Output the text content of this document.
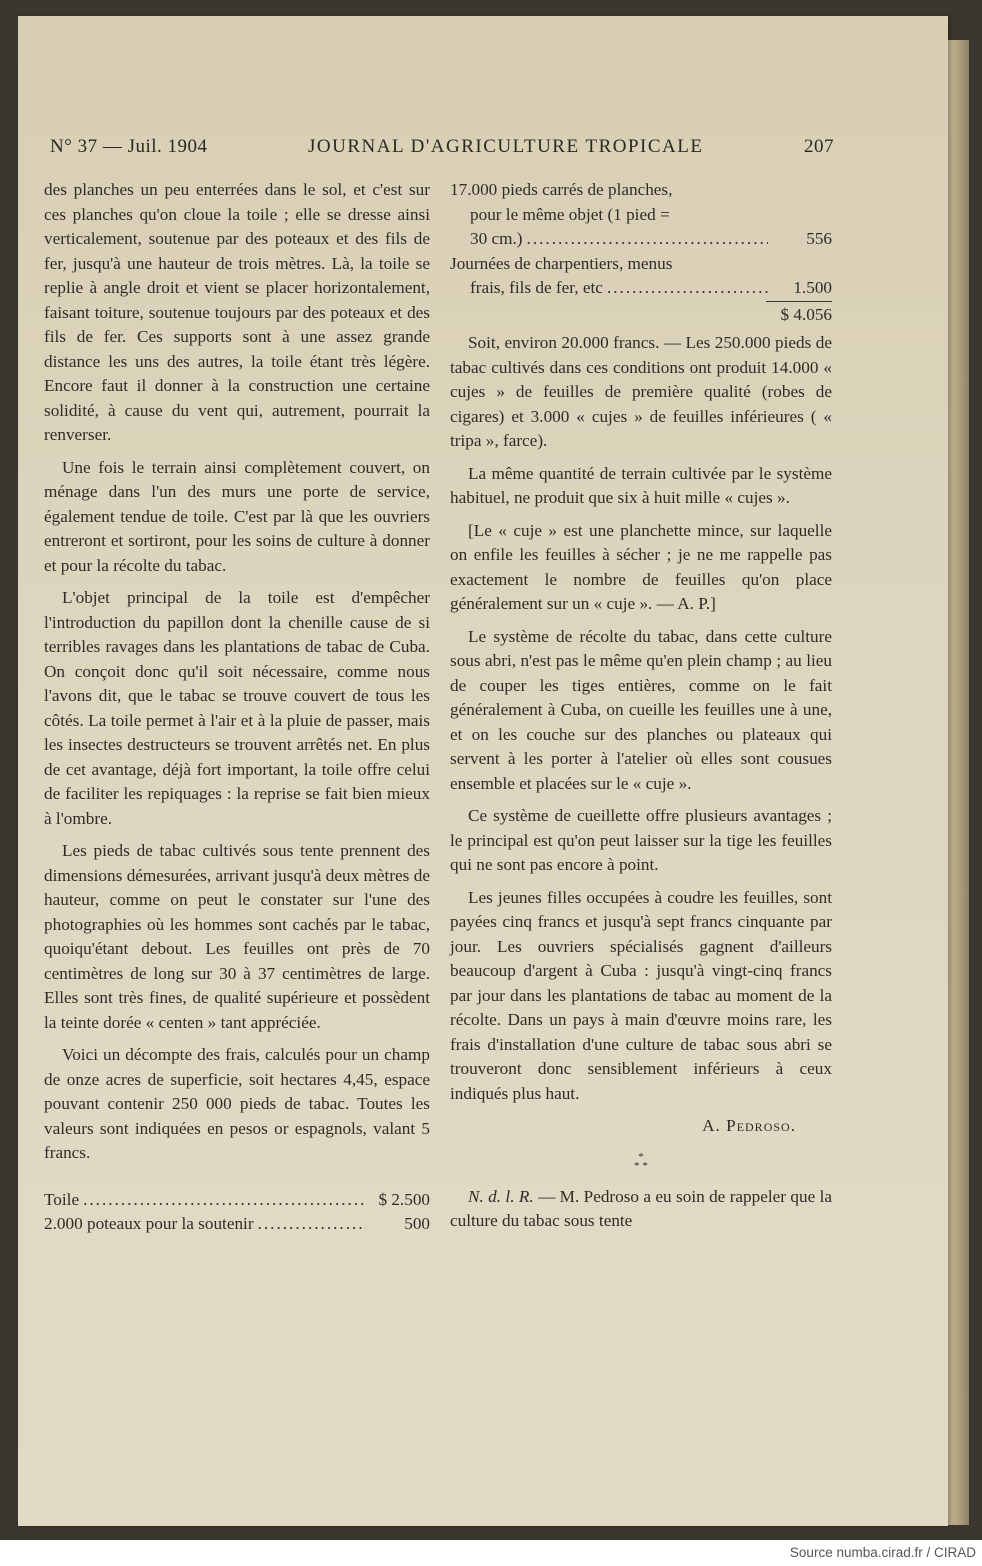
N° 37 — Juil. 1904	JOURNAL D'AGRICULTURE TROPICALE	207

des planches un peu enterrées dans le sol, et c'est sur ces planches qu'on cloue la toile ; elle se dresse ainsi verticalement, soutenue par des poteaux et des fils de fer, jusqu'à une hauteur de trois mètres. Là, la toile se replie à angle droit et vient se placer horizontalement, faisant toiture, soutenue toujours par des poteaux et des fils de fer. Ces supports sont à une assez grande distance les uns des autres, la toile étant très légère. Encore faut il donner à la construction une certaine solidité, à cause du vent qui, autrement, pourrait la renverser.

Une fois le terrain ainsi complètement couvert, on ménage dans l'un des murs une porte de service, également tendue de toile. C'est par là que les ouvriers entreront et sortiront, pour les soins de culture à donner et pour la récolte du tabac.

L'objet principal de la toile est d'empêcher l'introduction du papillon dont la chenille cause de si terribles ravages dans les plantations de tabac de Cuba. On conçoit donc qu'il soit nécessaire, comme nous l'avons dit, que le tabac se trouve couvert de tous les côtés. La toile permet à l'air et à la pluie de passer, mais les insectes destructeurs se trouvent arrêtés net. En plus de cet avantage, déjà fort important, la toile offre celui de faciliter les repiquages : la reprise se fait bien mieux à l'ombre.

Les pieds de tabac cultivés sous tente prennent des dimensions démesurées, arrivant jusqu'à deux mètres de hauteur, comme on peut le constater sur l'une des photographies où les hommes sont cachés par le tabac, quoiqu'étant debout. Les feuilles ont près de 70 centimètres de long sur 30 à 37 centimètres de large. Elles sont très fines, de qualité supérieure et possèdent la teinte dorée « centen » tant appréciée.

Voici un décompte des frais, calculés pour un champ de onze acres de superficie, soit hectares 4,45, espace pouvant contenir 250 000 pieds de tabac. Toutes les valeurs sont indiquées en pesos or espagnols, valant 5 francs.

Toile .....	$ 2.500
2.000 poteaux pour la soutenir .....	500
17.000 pieds carrés de planches,
pour le même objet (1 pied =
30 cm.) .....	556
Journées de charpentiers, menus
frais, fils de fer, etc .....	1.500
$ 4.056

Soit, environ 20.000 francs. — Les 250.000 pieds de tabac cultivés dans ces conditions ont produit 14.000 « cujes » de feuilles de première qualité (robes de cigares) et 3.000 « cujes » de feuilles inférieures ( « tripa », farce).

La même quantité de terrain cultivée par le système habituel, ne produit que six à huit mille « cujes ».

[Le « cuje » est une planchette mince, sur laquelle on enfile les feuilles à sécher ; je ne me rappelle pas exactement le nombre de feuilles qu'on place généralement sur un « cuje ». — A. P.]

Le système de récolte du tabac, dans cette culture sous abri, n'est pas le même qu'en plein champ ; au lieu de couper les tiges entières, comme on le fait généralement à Cuba, on cueille les feuilles une à une, et on les couche sur des planches ou plateaux qui servent à les porter à l'atelier où elles sont cousues ensemble et placées sur le « cuje ».

Ce système de cueillette offre plusieurs avantages ; le principal est qu'on peut laisser sur la tige les feuilles qui ne sont pas encore à point.

Les jeunes filles occupées à coudre les feuilles, sont payées cinq francs et jusqu'à sept francs cinquante par jour. Les ouvriers spécialisés gagnent d'ailleurs beaucoup d'argent à Cuba : jusqu'à vingt-cinq francs par jour dans les plantations de tabac au moment de la récolte. Dans un pays à main d'œuvre moins rare, les frais d'installation d'une culture de tabac sous abri se trouveront donc sensiblement inférieurs à ceux indiqués plus haut.

A. Pedroso.
*
* *

N. d. l. R. — M. Pedroso a eu soin de rappeler que la culture du tabac sous tente

Source numba.cirad.fr / CIRAD
